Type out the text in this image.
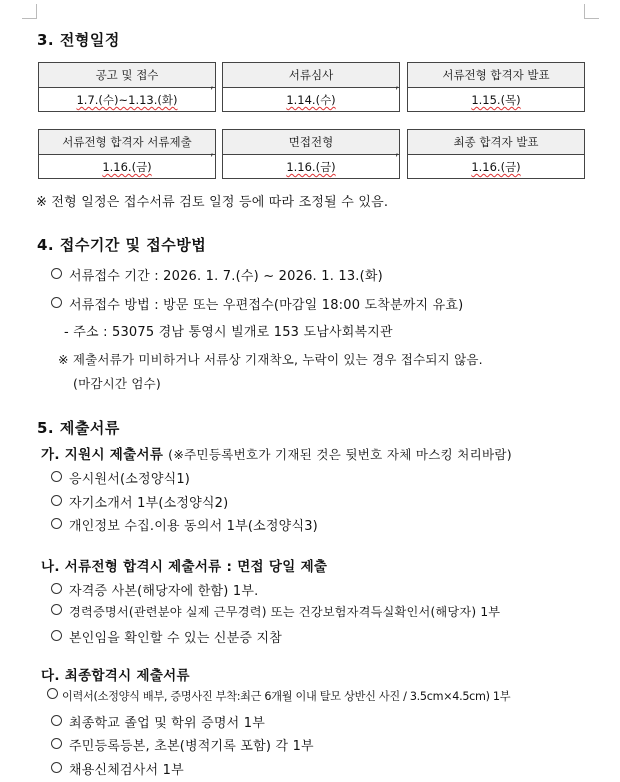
3. 전형일정
공고 및 접수
1.7.(수)~1.13.(화)
,
서류심사
1.14.(수)
,
서류전형 합격자 발표
1.15.(목)
서류전형 합격자 서류제출
1.16.(금)
,
면접전형
1.16.(금)
,
최종 합격자 발표
1.16.(금)
※ 전형 일정은 접수서류 검토 일정 등에 따라 조정될 수 있음.
4. 접수기간 및 접수방법
서류접수 기간 : 2026. 1. 7.(수) ~ 2026. 1. 13.(화)
서류접수 방법 : 방문 또는 우편접수(마감일 18:00 도착분까지 유효)
- 주소 : 53075 경남 통영시 빌개로 153 도남사회복지관
※ 제출서류가 미비하거나 서류상 기재착오, 누락이 있는 경우 접수되지 않음.
(마감시간 엄수)
5. 제출서류
가. 지원시 제출서류 (※주민등록번호가 기재된 것은 뒷번호 자체 마스킹 처리바람)
응시원서(소정양식1)
자기소개서 1부(소정양식2)
개인정보 수집.이용 동의서 1부(소정양식3)
나. 서류전형 합격시 제출서류 : 면접 당일 제출
자격증 사본(해당자에 한함) 1부.
경력증명서(관련분야 실제 근무경력) 또는 건강보험자격득실확인서(해당자) 1부
본인임을 확인할 수 있는 신분증 지참
다. 최종합격시 제출서류
이력서(소정양식 배부, 증명사진 부착:최근 6개월 이내 탈모 상반신 사진 / 3.5cm×4.5cm) 1부
최종학교 졸업 및 학위 증명서 1부
주민등록등본, 초본(병적기록 포함) 각 1부
채용신체검사서 1부
